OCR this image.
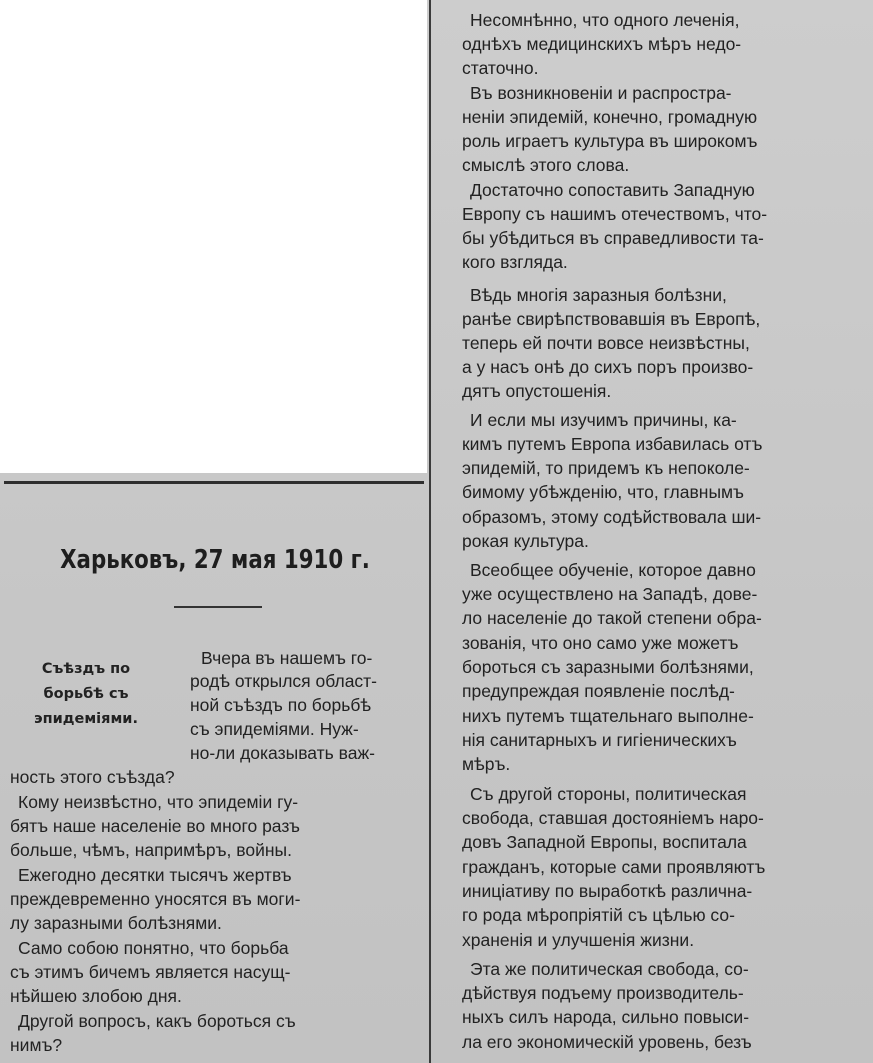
Харьковъ, 27 мая 1910 г.
Съѣздъ по
борьбѣ съ
эпидеміями.
Вчера въ нашемъ го-
родѣ открылся област-
ной съѣздъ по борьбѣ
съ эпидеміями. Нуж-
но-ли доказывать важ-
ность этого съѣзда?
Кому неизвѣстно, что эпидеміи гу-
бятъ наше населеніе во много разъ
больше, чѣмъ, напримѣръ, войны.
Ежегодно десятки тысячъ жертвъ
преждевременно уносятся въ моги-
лу заразными болѣзнями.
Само собою понятно, что борьба
съ этимъ бичемъ является насущ-
нѣйшею злобою дня.
Другой вопросъ, какъ бороться съ
нимъ?
Несомнѣнно, что одного леченія,
однѣхъ медицинскихъ мѣръ недо-
статочно.
Въ возникновеніи и распростра-
неніи эпидемій, конечно, громадную
роль играетъ культура въ широкомъ
смыслѣ этого слова.
Достаточно сопоставить Западную
Европу съ нашимъ отечествомъ, что-
бы убѣдиться въ справедливости та-
кого взгляда.
Вѣдь многія заразныя болѣзни,
ранѣе свирѣпствовавшія въ Европѣ,
теперь ей почти вовсе неизвѣстны,
а у насъ онѣ до сихъ поръ произво-
дятъ опустошенія.
И если мы изучимъ причины, ка-
кимъ путемъ Европа избавилась отъ
эпидемій, то придемъ къ непоколе-
бимому убѣжденію, что, главнымъ
образомъ, этому содѣйствовала ши-
рокая культура.
Всеобщее обученіе, которое давно
уже осуществлено на Западѣ, дове-
ло населеніе до такой степени обра-
зованія, что оно само уже можетъ
бороться съ заразными болѣзнями,
предупреждая появленіе послѣд-
нихъ путемъ тщательнаго выполне-
нія санитарныхъ и гигіеническихъ
мѣръ.
Съ другой стороны, политическая
свобода, ставшая достояніемъ наро-
довъ Западной Европы, воспитала
гражданъ, которые сами проявляютъ
иниціативу по выработкѣ различна-
го рода мѣропріятій съ цѣлью со-
храненія и улучшенія жизни.
Эта же политическая свобода, со-
дѣйствуя подъему производитель-
ныхъ силъ народа, сильно повыси-
ла его экономическій уровень, безъ
